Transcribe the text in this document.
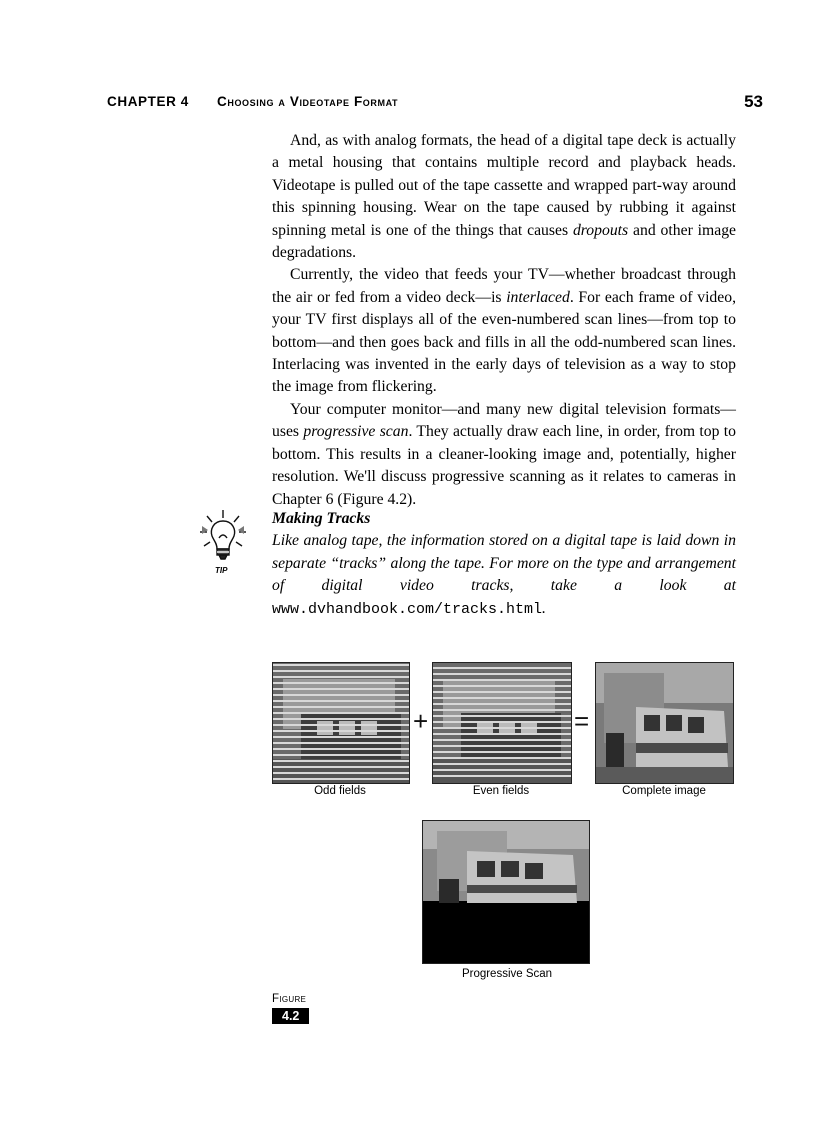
CHAPTER 4 Choosing a Videotape Format	53

And, as with analog formats, the head of a digital tape deck is actually a metal housing that contains multiple record and playback heads. Videotape is pulled out of the tape cassette and wrapped part-way around this spinning housing. Wear on the tape caused by rubbing it against spinning metal is one of the things that causes dropouts and other image degradations.

Currently, the video that feeds your TV—whether broadcast through the air or fed from a video deck—is interlaced. For each frame of video, your TV first displays all of the even-numbered scan lines—from top to bottom—and then goes back and fills in all the odd-numbered scan lines. Interlacing was invented in the early days of television as a way to stop the image from flickering.

Your computer monitor—and many new digital television formats—uses progressive scan. They actually draw each line, in order, from top to bottom. This results in a cleaner-looking image and, potentially, higher resolution. We'll discuss progressive scanning as it relates to cameras in Chapter 6 (Figure 4.2).

TIP
Making Tracks
Like analog tape, the information stored on a digital tape is laid down in separate “tracks” along the tape. For more on the type and arrangement of digital video tracks, take a look at www.dvhandbook.com/tracks.html.
+	=
Odd fields	Even fields	Complete image
Progressive Scan
Figure
4.2
